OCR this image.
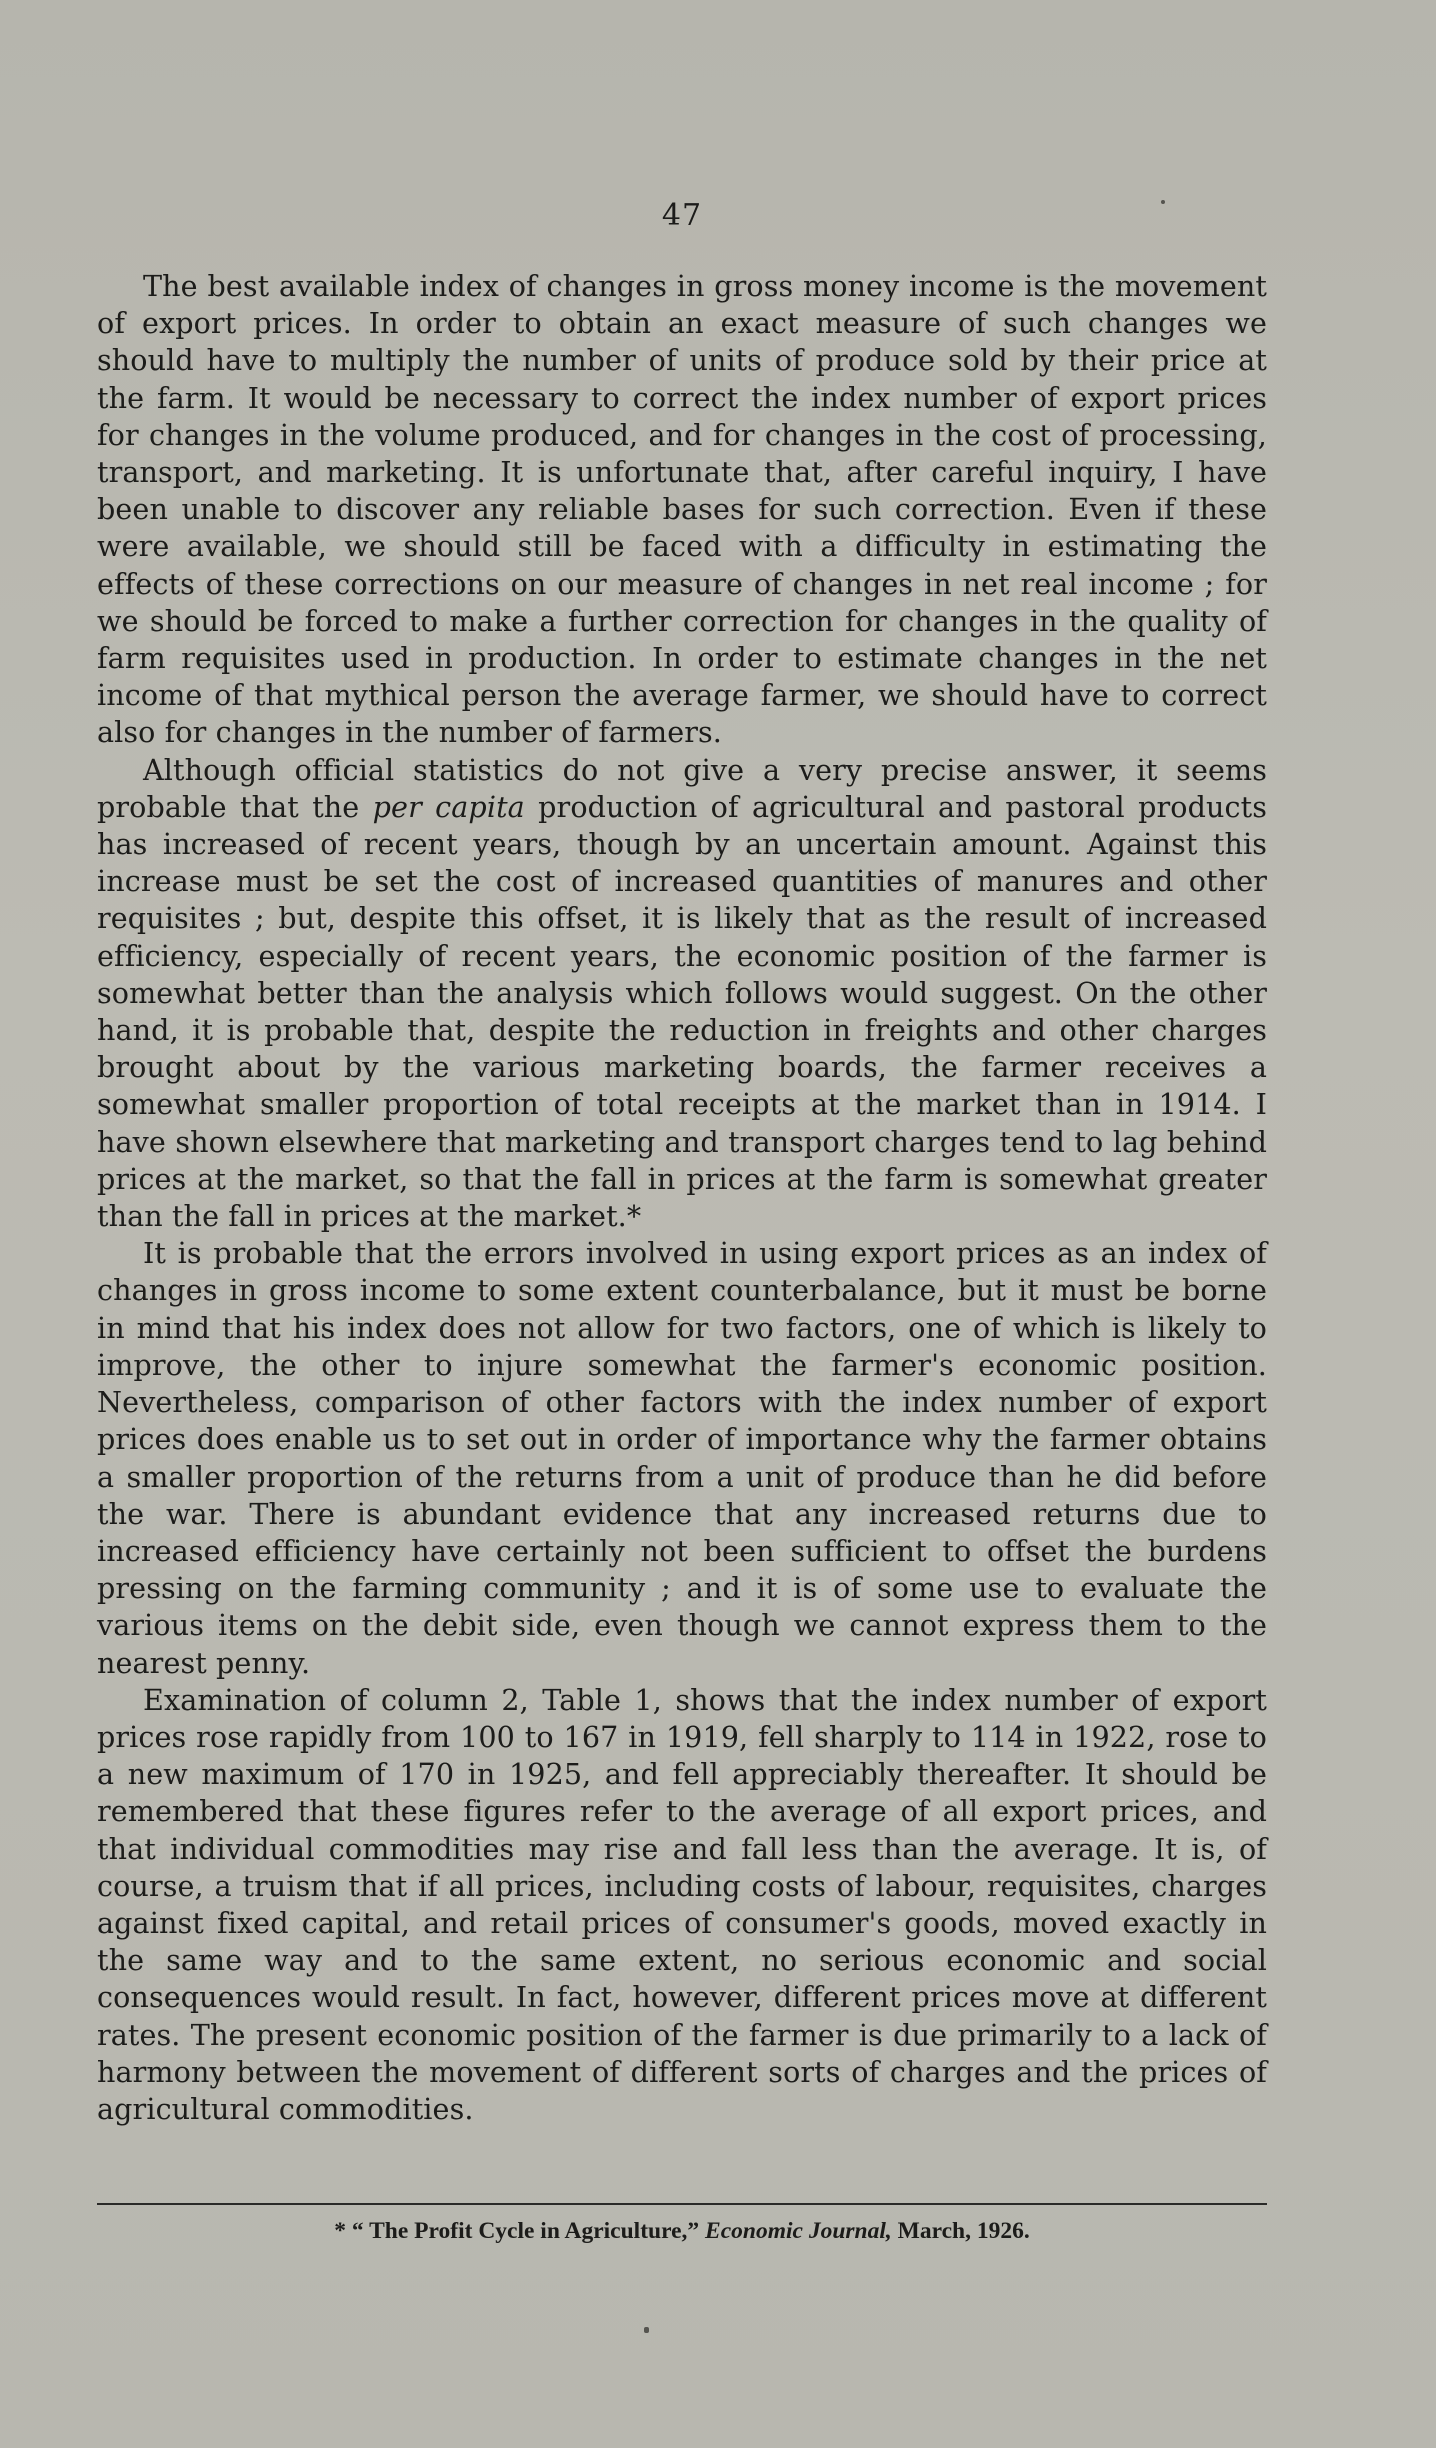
47

The best available index of changes in gross money income is the movement of export prices. In order to obtain an exact measure of such changes we should have to multiply the number of units of produce sold by their price at the farm. It would be necessary to correct the index number of export prices for changes in the volume produced, and for changes in the cost of processing, transport, and marketing. It is unfortunate that, after careful inquiry, I have been unable to discover any reliable bases for such correction. Even if these were available, we should still be faced with a difficulty in estimating the effects of these corrections on our measure of changes in net real income ; for we should be forced to make a further correction for changes in the quality of farm requisites used in production. In order to estimate changes in the net income of that mythical person the average farmer, we should have to correct also for changes in the number of farmers.

Although official statistics do not give a very precise answer, it seems probable that the per capita production of agricultural and pastoral products has increased of recent years, though by an uncertain amount. Against this increase must be set the cost of increased quantities of manures and other requisites ; but, despite this offset, it is likely that as the result of increased efficiency, especially of recent years, the economic position of the farmer is somewhat better than the analysis which follows would suggest. On the other hand, it is probable that, despite the reduction in freights and other charges brought about by the various marketing boards, the farmer receives a somewhat smaller proportion of total receipts at the market than in 1914. I have shown elsewhere that marketing and transport charges tend to lag behind prices at the market, so that the fall in prices at the farm is somewhat greater than the fall in prices at the market.*

It is probable that the errors involved in using export prices as an index of changes in gross income to some extent counterbalance, but it must be borne in mind that his index does not allow for two factors, one of which is likely to improve, the other to injure somewhat the farmer's economic position. Nevertheless, comparison of other factors with the index number of export prices does enable us to set out in order of importance why the farmer obtains a smaller proportion of the returns from a unit of produce than he did before the war. There is abundant evidence that any increased returns due to increased efficiency have certainly not been sufficient to offset the burdens pressing on the farming community ; and it is of some use to evaluate the various items on the debit side, even though we cannot express them to the nearest penny.

Examination of column 2, Table 1, shows that the index number of export prices rose rapidly from 100 to 167 in 1919, fell sharply to 114 in 1922, rose to a new maximum of 170 in 1925, and fell appreciably thereafter. It should be remembered that these figures refer to the average of all export prices, and that individual commodities may rise and fall less than the average. It is, of course, a truism that if all prices, including costs of labour, requisites, charges against fixed capital, and retail prices of consumer's goods, moved exactly in the same way and to the same extent, no serious economic and social consequences would result. In fact, however, different prices move at different rates. The present economic position of the farmer is due primarily to a lack of harmony between the movement of different sorts of charges and the prices of agricultural commodities.

* “ The Profit Cycle in Agriculture,” Economic Journal, March, 1926.
